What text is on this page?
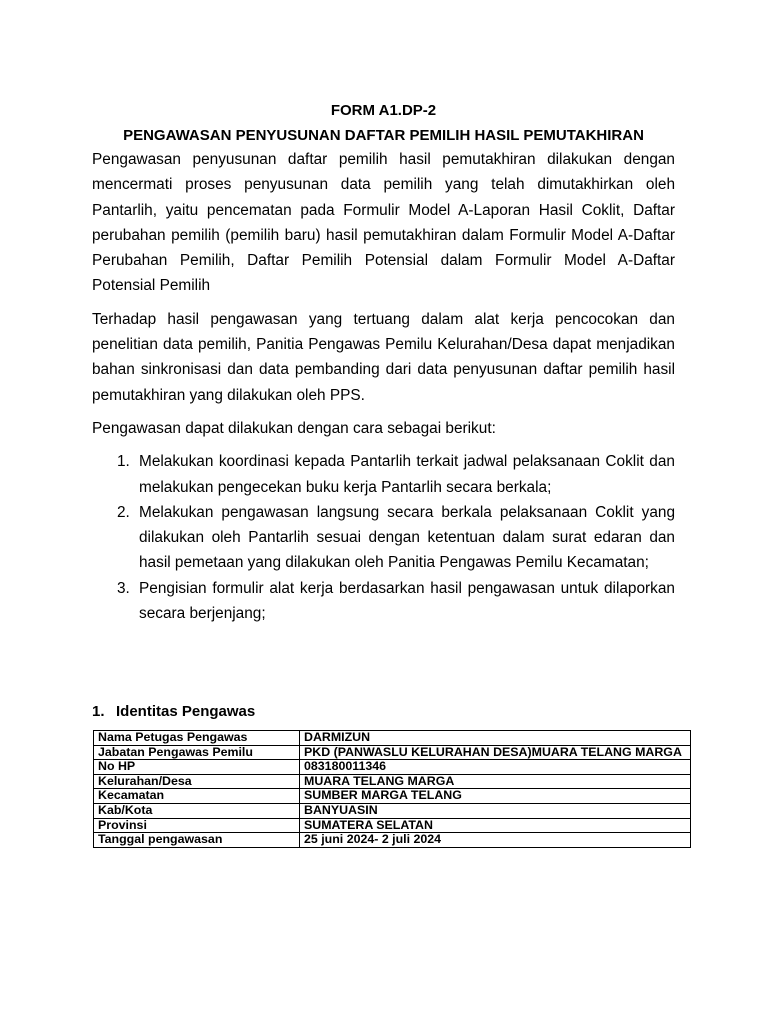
FORM A1.DP-2

PENGAWASAN PENYUSUNAN DAFTAR PEMILIH HASIL PEMUTAKHIRAN

Pengawasan penyusunan daftar pemilih hasil pemutakhiran dilakukan dengan mencermati proses penyusunan data pemilih yang telah dimutakhirkan oleh Pantarlih, yaitu pencematan pada Formulir Model A-Laporan Hasil Coklit, Daftar perubahan pemilih (pemilih baru) hasil pemutakhiran dalam Formulir Model A-Daftar Perubahan Pemilih, Daftar Pemilih Potensial dalam Formulir Model A-Daftar Potensial Pemilih

Terhadap hasil pengawasan yang tertuang dalam alat kerja pencocokan dan penelitian data pemilih, Panitia Pengawas Pemilu Kelurahan/Desa dapat menjadikan bahan sinkronisasi dan data pembanding dari data penyusunan daftar pemilih hasil pemutakhiran yang dilakukan oleh PPS.

Pengawasan dapat dilakukan dengan cara sebagai berikut:

1. Melakukan koordinasi kepada Pantarlih terkait jadwal pelaksanaan Coklit dan melakukan pengecekan buku kerja Pantarlih secara berkala;
2. Melakukan pengawasan langsung secara berkala pelaksanaan Coklit yang dilakukan oleh Pantarlih sesuai dengan ketentuan dalam surat edaran dan hasil pemetaan yang dilakukan oleh Panitia Pengawas Pemilu Kecamatan;
3. Pengisian formulir alat kerja berdasarkan hasil pengawasan untuk dilaporkan secara berjenjang;
1. Identitas Pengawas
Nama Petugas Pengawas	DARMIZUN
Jabatan Pengawas Pemilu	PKD (PANWASLU KELURAHAN DESA)MUARA TELANG MARGA
No HP	083180011346
Kelurahan/Desa	MUARA TELANG MARGA
Kecamatan	SUMBER MARGA TELANG
Kab/Kota	BANYUASIN
Provinsi	SUMATERA SELATAN
Tanggal pengawasan	25 juni 2024- 2 juli 2024
